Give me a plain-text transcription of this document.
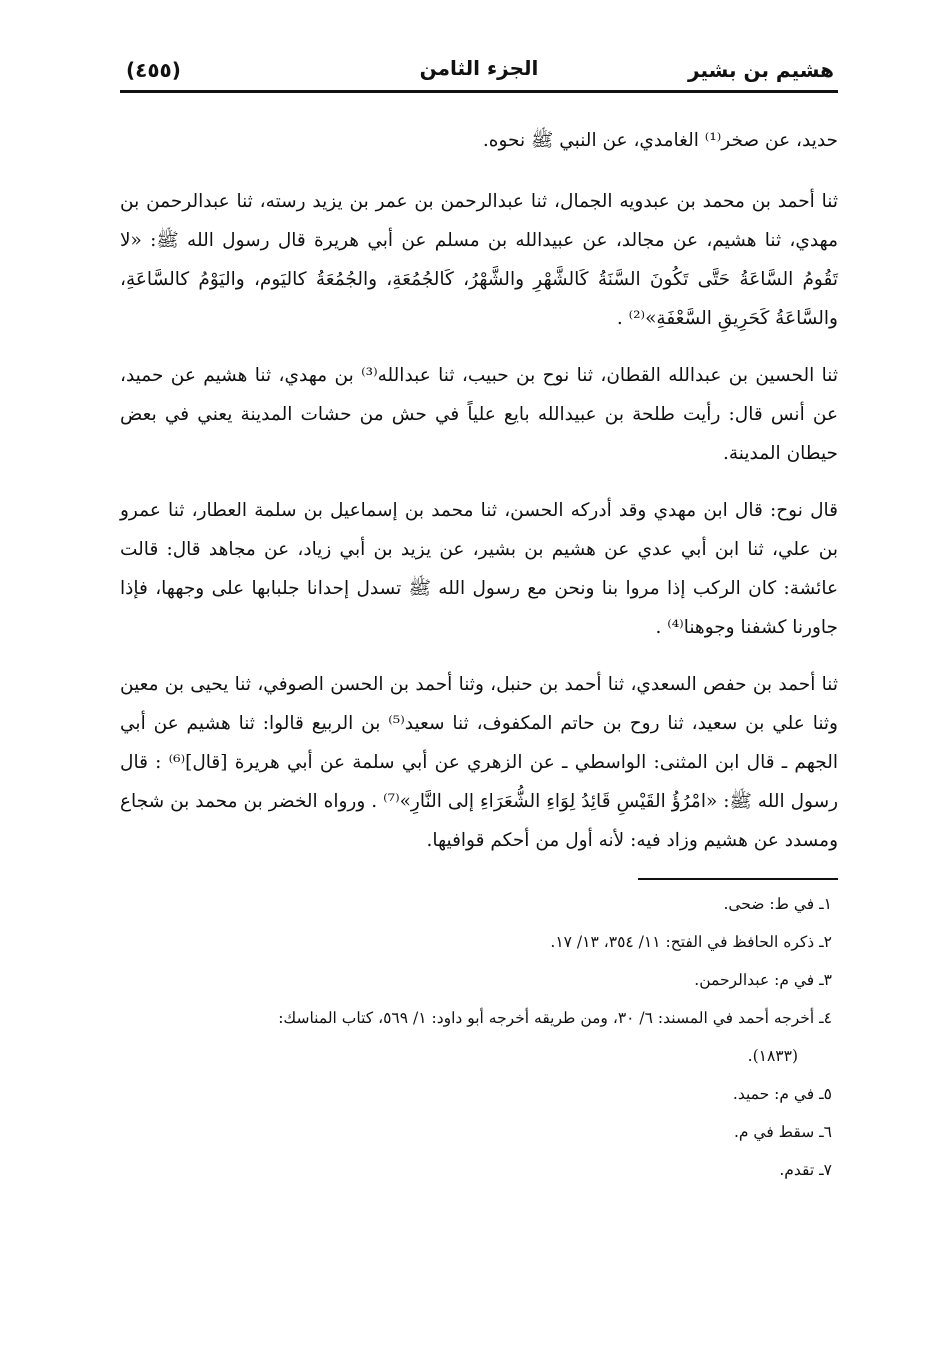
هشيم بن بشير
الجزء الثامن
(٤٥٥)

حديد، عن صخر⁽¹⁾ الغامدي، عن النبي ﷺ نحوه.

ثنا أحمد بن محمد بن عبدويه الجمال، ثنا عبدالرحمن بن عمر بن يزيد رسته، ثنا عبدالرحمن بن مهدي، ثنا هشيم، عن مجالد، عن عبيدالله بن مسلم عن أبي هريرة قال رسول الله ﷺ: «لا تَقُومُ السَّاعَةُ حَتَّى تَكُونَ السَّنَةُ كَالشَّهْرِ والشَّهْرُ، كَالجُمُعَةِ، والجُمُعَةُ كاليَوم، واليَوْمُ كالسَّاعَةِ، والسَّاعَةُ كَحَرِيقِ السَّعْفَةِ»⁽²⁾ .

ثنا الحسين بن عبدالله القطان، ثنا نوح بن حبيب، ثنا عبدالله⁽³⁾ بن مهدي، ثنا هشيم عن حميد، عن أنس قال: رأيت طلحة بن عبيدالله بايع علياً في حش من حشات المدينة يعني في بعض حيطان المدينة.

قال نوح: قال ابن مهدي وقد أدركه الحسن، ثنا محمد بن إسماعيل بن سلمة العطار، ثنا عمرو بن علي، ثنا ابن أبي عدي عن هشيم بن بشير، عن يزيد بن أبي زياد، عن مجاهد قال: قالت عائشة: كان الركب إذا مروا بنا ونحن مع رسول الله ﷺ تسدل إحدانا جلبابها على وجهها، فإذا جاورنا كشفنا وجوهنا⁽⁴⁾ .

ثنا أحمد بن حفص السعدي، ثنا أحمد بن حنبل، وثنا أحمد بن الحسن الصوفي، ثنا يحيى بن معين وثنا علي بن سعيد، ثنا روح بن حاتم المكفوف، ثنا سعيد⁽⁵⁾ بن الربيع قالوا: ثنا هشيم عن أبي الجهم ـ قال ابن المثنى: الواسطي ـ عن الزهري عن أبي سلمة عن أبي هريرة [قال]⁽⁶⁾ : قال رسول الله ﷺ: «امْرُؤُ القَيْسِ قَائِدُ لِوَاءِ الشُّعَرَاءِ إلى النَّارِ»⁽⁷⁾ . ورواه الخضر بن محمد بن شجاع ومسدد عن هشيم وزاد فيه: لأنه أول من أحكم قوافيها.

١ـ في ط: ضحى.
٢ـ ذكره الحافظ في الفتح: ١١/ ٣٥٤، ١٣/ ١٧.
٣ـ في م: عبدالرحمن.
٤ـ أخرجه أحمد في المسند: ٦/ ٣٠، ومن طريقه أخرجه أبو داود: ١/ ٥٦٩، كتاب المناسك:
(١٨٣٣).
٥ـ في م: حميد.
٦ـ سقط في م.
٧ـ تقدم.
